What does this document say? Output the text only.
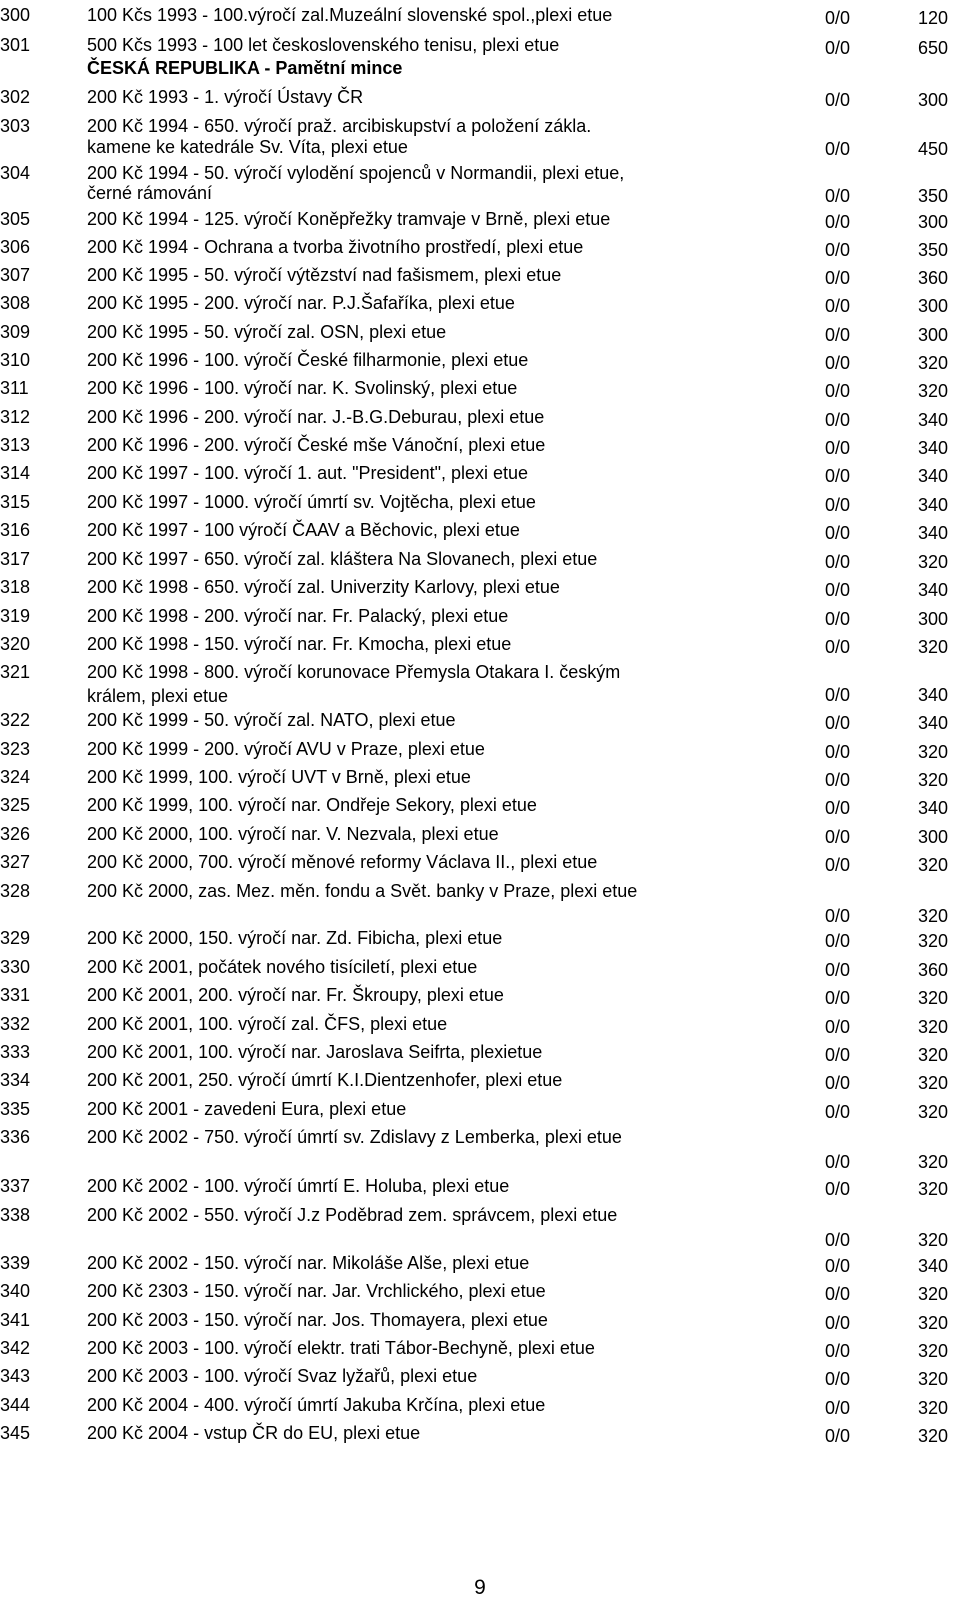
ČESKÁ REPUBLIKA - Pamětní mince
300	100 Kčs 1993 - 100.výročí zal.Muzeální slovenské spol.,plexi etue	0/0	120
301	500 Kčs 1993 - 100 let československého tenisu, plexi etue	0/0	650
302	200 Kč 1993 - 1. výročí Ústavy ČR	0/0	300
303	200 Kč 1994 - 650. výročí praž. arcibiskupství a položení zákla.
kamene ke katedrále Sv. Víta, plexi etue	0/0	450
304	200 Kč 1994 - 50. výročí vylodění spojenců v Normandii, plexi etue,
černé rámování	0/0	350
305	200 Kč 1994 - 125. výročí Koněpřežky tramvaje v Brně, plexi etue	0/0	300
306	200 Kč 1994 - Ochrana a tvorba životního prostředí, plexi etue	0/0	350
307	200 Kč 1995 - 50. výročí výtězství nad fašismem, plexi etue	0/0	360
308	200 Kč 1995 - 200. výročí nar. P.J.Šafaříka, plexi etue	0/0	300
309	200 Kč 1995 - 50. výročí zal. OSN, plexi etue	0/0	300
310	200 Kč 1996 - 100. výročí České filharmonie, plexi etue	0/0	320
311	200 Kč 1996 - 100. výročí nar. K. Svolinský, plexi etue	0/0	320
312	200 Kč 1996 - 200. výročí nar. J.-B.G.Deburau, plexi etue	0/0	340
313	200 Kč 1996 - 200. výročí České mše Vánoční, plexi etue	0/0	340
314	200 Kč 1997 - 100. výročí 1. aut. "President", plexi etue	0/0	340
315	200 Kč 1997 - 1000. výročí úmrtí sv. Vojtěcha, plexi etue	0/0	340
316	200 Kč 1997 - 100 výročí ČAAV a Běchovic, plexi etue	0/0	340
317	200 Kč 1997 - 650. výročí zal. kláštera Na Slovanech, plexi etue	0/0	320
318	200 Kč 1998 - 650. výročí zal. Univerzity Karlovy, plexi etue	0/0	340
319	200 Kč 1998 - 200. výročí nar. Fr. Palacký, plexi etue	0/0	300
320	200 Kč 1998 - 150. výročí nar. Fr. Kmocha, plexi etue	0/0	320
321	200 Kč 1998 - 800. výročí korunovace Přemysla Otakara I. českým
králem, plexi etue	0/0	340
322	200 Kč 1999 - 50. výročí zal. NATO, plexi etue	0/0	340
323	200 Kč 1999 - 200. výročí AVU v Praze, plexi etue	0/0	320
324	200 Kč 1999, 100. výročí UVT v Brně, plexi etue	0/0	320
325	200 Kč 1999, 100. výročí nar. Ondřeje Sekory, plexi etue	0/0	340
326	200 Kč 2000, 100. výročí nar. V. Nezvala, plexi etue	0/0	300
327	200 Kč 2000, 700. výročí měnové reformy Václava II., plexi etue	0/0	320
328	200 Kč 2000, zas. Mez. měn. fondu a Svět. banky v Praze, plexi etue
0/0	320
329	200 Kč 2000, 150. výročí nar. Zd. Fibicha, plexi etue	0/0	320
330	200 Kč 2001, počátek nového tisíciletí, plexi etue	0/0	360
331	200 Kč 2001, 200. výročí nar. Fr. Škroupy, plexi etue	0/0	320
332	200 Kč 2001, 100. výročí zal. ČFS, plexi etue	0/0	320
333	200 Kč 2001, 100. výročí nar. Jaroslava Seifrta, plexietue	0/0	320
334	200 Kč 2001, 250. výročí úmrtí K.I.Dientzenhofer, plexi etue	0/0	320
335	200 Kč 2001 - zavedeni Eura, plexi etue	0/0	320
336	200 Kč 2002 - 750. výročí úmrtí sv. Zdislavy z Lemberka, plexi etue
0/0	320
337	200 Kč 2002 - 100. výročí úmrtí E. Holuba, plexi etue	0/0	320
338	200 Kč 2002 - 550. výročí J.z Poděbrad zem. správcem, plexi etue
0/0	320
339	200 Kč 2002 - 150. výročí nar. Mikoláše Alše, plexi etue	0/0	340
340	200 Kč 2303 - 150. výročí nar. Jar. Vrchlického, plexi etue	0/0	320
341	200 Kč 2003 - 150. výročí nar. Jos. Thomayera, plexi etue	0/0	320
342	200 Kč 2003 - 100. výročí elektr. trati Tábor-Bechyně, plexi etue	0/0	320
343	200 Kč 2003 - 100. výročí Svaz lyžařů, plexi etue	0/0	320
344	200 Kč 2004 - 400. výročí úmrtí Jakuba Krčína, plexi etue	0/0	320
345	200 Kč 2004 - vstup ČR do EU, plexi etue	0/0	320
9
